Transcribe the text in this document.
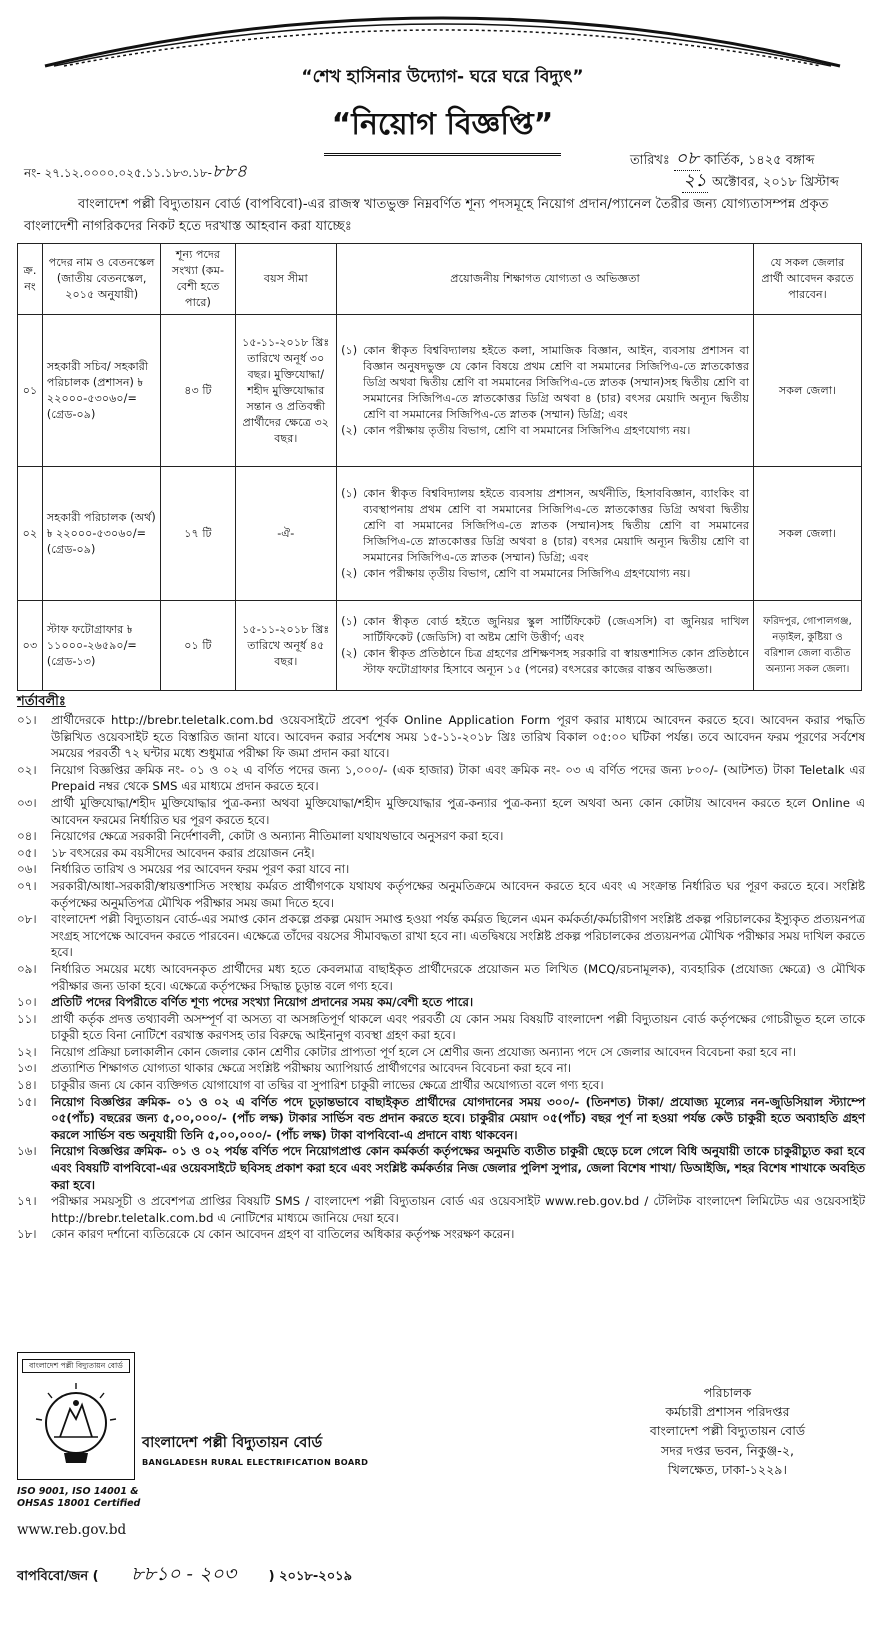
“শেখ হাসিনার উদ্যোগ- ঘরে ঘরে বিদ্যুৎ”
“নিয়োগ বিজ্ঞপ্তি”
নং- ২৭.১২.০০০০.০২৫.১১.১৮৩.১৮-৮৮৪
তারিখঃ ০৮ কার্তিক, ১৪২৫ বঙ্গাব্দ
২১ অক্টোবর, ২০১৮ খ্রিস্টাব্দ
বাংলাদেশ পল্লী বিদ্যুতায়ন বোর্ড (বাপবিবো)-এর রাজস্ব খাতভুক্ত নিম্নবর্ণিত শূন্য পদসমূহে নিয়োগ প্রদান/প্যানেল তৈরীর জন্য যোগ্যতাসম্পন্ন প্রকৃত বাংলাদেশী নাগরিকদের নিকট হতে দরখাস্ত আহবান করা যাচ্ছেঃ
ক্র. নং	পদের নাম ও বেতনস্কেল (জাতীয় বেতনস্কেল, ২০১৫ অনুযায়ী)	শূন্য পদের সংখ্যা (কম-বেশী হতে পারে)	বয়স সীমা	প্রয়োজনীয় শিক্ষাগত যোগ্যতা ও অভিজ্ঞতা	যে সকল জেলার প্রার্থী আবেদন করতে পারবেন।
০১	সহকারী সচিব/ সহকারী পরিচালক (প্রশাসন) ৳ ২২০০০-৫৩০৬০/= (গ্রেড-০৯)	৪৩ টি	১৫-১১-২০১৮ খ্রিঃ তারিখে অনূর্ধ ৩০ বছর। মুক্তিযোদ্ধা/ শহীদ মুক্তিযোদ্ধার সন্তান ও প্রতিবন্ধী প্রার্থীদের ক্ষেত্রে ৩২ বছর।	(১) কোন স্বীকৃত বিশ্ববিদ্যালয় হইতে কলা, সামাজিক বিজ্ঞান, আইন, ব্যবসায় প্রশাসন বা বিজ্ঞান অনুষদভুক্ত যে কোন বিষয়ে প্রথম শ্রেণি বা সমমানের সিজিপিএ-তে স্নাতকোত্তর ডিগ্রি অথবা দ্বিতীয় শ্রেণি বা সমমানের সিজিপিএ-তে স্নাতক (সম্মান)সহ দ্বিতীয় শ্রেণি বা সমমানের সিজিপিএ-তে স্নাতকোত্তর ডিগ্রি অথবা ৪ (চার) বৎসর মেয়াদি অন্যূন দ্বিতীয় শ্রেণি বা সমমানের সিজিপিএ-তে স্নাতক (সম্মান) ডিগ্রি; এবং
(২) কোন পরীক্ষায় তৃতীয় বিভাগ, শ্রেণি বা সমমানের সিজিপিএ গ্রহণযোগ্য নয়।	সকল জেলা।
০২	সহকারী পরিচালক (অর্থ) ৳ ২২০০০-৫৩০৬০/= (গ্রেড-০৯)	১৭ টি	-ঐ-	(১) কোন স্বীকৃত বিশ্ববিদ্যালয় হইতে ব্যবসায় প্রশাসন, অর্থনীতি, হিসাববিজ্ঞান, ব্যাংকিং বা ব্যবস্থাপনায় প্রথম শ্রেণি বা সমমানের সিজিপিএ-তে স্নাতকোত্তর ডিগ্রি অথবা দ্বিতীয় শ্রেণি বা সমমানের সিজিপিএ-তে স্নাতক (সম্মান)সহ দ্বিতীয় শ্রেণি বা সমমানের সিজিপিএ-তে স্নাতকোত্তর ডিগ্রি অথবা ৪ (চার) বৎসর মেয়াদি অন্যূন দ্বিতীয় শ্রেণি বা সমমানের সিজিপিএ-তে স্নাতক (সম্মান) ডিগ্রি; এবং
(২) কোন পরীক্ষায় তৃতীয় বিভাগ, শ্রেণি বা সমমানের সিজিপিএ গ্রহণযোগ্য নয়।	সকল জেলা।
০৩	স্টাফ ফটোগ্রাফার ৳ ১১০০০-২৬৫৯০/= (গ্রেড-১৩)	০১ টি	১৫-১১-২০১৮ খ্রিঃ তারিখে অনূর্ধ ৪৫ বছর।	(১) কোন স্বীকৃত বোর্ড হইতে জুনিয়র স্কুল সার্টিফিকেট (জেএসসি) বা জুনিয়র দাখিল সার্টিফিকেট (জেডিসি) বা অষ্টম শ্রেণি উত্তীর্ণ; এবং
(২) কোন স্বীকৃত প্রতিষ্ঠানে চিত্র গ্রহণের প্রশিক্ষণসহ সরকারি বা স্বায়ত্তশাসিত কোন প্রতিষ্ঠানে স্টাফ ফটোগ্রাফার হিসাবে অন্যূন ১৫ (পনের) বৎসরের কাজের বাস্তব অভিজ্ঞতা।	ফরিদপুর, গোপালগঞ্জ, নড়াইল, কুষ্টিয়া ও বরিশাল জেলা ব্যতীত অন্যান্য সকল জেলা।
শর্তাবলীঃ
০১।	প্রার্থীদেরকে http://brebr.teletalk.com.bd ওয়েবসাইটে প্রবেশ পূর্বক Online Application Form পূরণ করার মাধ্যমে আবেদন করতে হবে। আবেদন করার পদ্ধতি উল্লিখিত ওয়েবসাইট হতে বিস্তারিত জানা যাবে। আবেদন করার সর্বশেষ সময় ১৫-১১-২০১৮ খ্রিঃ তারিখ বিকাল ০৫:০০ ঘটিকা পর্যন্ত। তবে আবেদন ফরম পূরণের সর্বশেষ সময়ের পরবর্তী ৭২ ঘন্টার মধ্যে শুধুমাত্র পরীক্ষা ফি জমা প্রদান করা যাবে।
০২।	নিয়োগ বিজ্ঞপ্তির ক্রমিক নং- ০১ ও ০২ এ বর্ণিত পদের জন্য ১,০০০/- (এক হাজার) টাকা এবং ক্রমিক নং- ০৩ এ বর্ণিত পদের জন্য ৮০০/- (আটশত) টাকা Teletalk এর Prepaid নম্বর থেকে SMS এর মাধ্যমে প্রদান করতে হবে।
০৩।	প্রার্থী মুক্তিযোদ্ধা/শহীদ মুক্তিযোদ্ধার পুত্র-কন্যা অথবা মুক্তিযোদ্ধা/শহীদ মুক্তিযোদ্ধার পুত্র-কন্যার পুত্র-কন্যা হলে অথবা অন্য কোন কোটায় আবেদন করতে হলে Online এ আবেদন ফরমের নির্ধারিত ঘর পূরণ করতে হবে।
০৪।	নিয়োগের ক্ষেত্রে সরকারী নির্দেশাবলী, কোটা ও অন্যান্য নীতিমালা যথাযথভাবে অনুসরণ করা হবে।
০৫।	১৮ বৎসরের কম বয়সীদের আবেদন করার প্রয়োজন নেই।
০৬।	নির্ধারিত তারিখ ও সময়ের পর আবেদন ফরম পূরণ করা যাবে না।
০৭।	সরকারী/আধা-সরকারী/স্বায়ত্তশাসিত সংস্থায় কর্মরত প্রার্থীগণকে যথাযথ কর্তৃপক্ষের অনুমতিক্রমে আবেদন করতে হবে এবং এ সংক্রান্ত নির্ধারিত ঘর পূরণ করতে হবে। সংশ্লিষ্ট কর্তৃপক্ষের অনুমতিপত্র মৌখিক পরীক্ষার সময় জমা দিতে হবে।
০৮।	বাংলাদেশ পল্লী বিদ্যুতায়ন বোর্ড-এর সমাপ্ত কোন প্রকল্পে প্রকল্প মেয়াদ সমাপ্ত হওয়া পর্যন্ত কর্মরত ছিলেন এমন কর্মকর্তা/কর্মচারীগণ সংশ্লিষ্ট প্রকল্প পরিচালকের ইস্যুকৃত প্রত্যয়নপত্র সংগ্রহ সাপেক্ষে আবেদন করতে পারবেন। এক্ষেত্রে তাঁদের বয়সের সীমাবদ্ধতা রাখা হবে না। এতদ্বিষয়ে সংশ্লিষ্ট প্রকল্প পরিচালকের প্রত্যয়নপত্র মৌখিক পরীক্ষার সময় দাখিল করতে হবে।
০৯।	নির্ধারিত সময়ের মধ্যে আবেদনকৃত প্রার্থীদের মধ্য হতে কেবলমাত্র বাছাইকৃত প্রার্থীদেরকে প্রয়োজন মত লিখিত (MCQ/রচনামূলক), ব্যবহারিক (প্রযোজ্য ক্ষেত্রে) ও মৌখিক পরীক্ষার জন্য ডাকা হবে। এক্ষেত্রে কর্তৃপক্ষের সিদ্ধান্ত চূড়ান্ত বলে গণ্য হবে।
১০।	প্রতিটি পদের বিপরীতে বর্ণিত শূণ্য পদের সংখ্যা নিয়োগ প্রদানের সময় কম/বেশী হতে পারে।
১১।	প্রার্থী কর্তৃক প্রদত্ত তথ্যাবলী অসম্পূর্ণ বা অসত্য বা অসঙ্গতিপূর্ণ থাকলে এবং পরবর্তী যে কোন সময় বিষয়টি বাংলাদেশ পল্লী বিদ্যুতায়ন বোর্ড কর্তৃপক্ষের গোচরীভূত হলে তাকে চাকুরী হতে বিনা নোটিশে বরখাস্ত করণসহ তার বিরুদ্ধে আইনানুগ ব্যবস্থা গ্রহণ করা হবে।
১২।	নিয়োগ প্রক্রিয়া চলাকালীন কোন জেলার কোন শ্রেণীর কোটার প্রাপ্যতা পূর্ণ হলে সে শ্রেণীর জন্য প্রযোজ্য অন্যান্য পদে সে জেলার আবেদন বিবেচনা করা হবে না।
১৩।	প্রত্যাশিত শিক্ষাগত যোগ্যতা থাকার ক্ষেত্রে সংশ্লিষ্ট পরীক্ষায় অ্যাপিয়ার্ড প্রার্থীগণের আবেদন বিবেচনা করা হবে না।
১৪।	চাকুরীর জন্য যে কোন ব্যক্তিগত যোগাযোগ বা তদ্বির বা সুপারিশ চাকুরী লাভের ক্ষেত্রে প্রার্থীর অযোগ্যতা বলে গণ্য হবে।
১৫।	নিয়োগ বিজ্ঞপ্তির ক্রমিক- ০১ ও ০২ এ বর্ণিত পদে চূড়ান্তভাবে বাছাইকৃত প্রার্থীদের যোগদানের সময় ৩০০/- (তিনশত) টাকা/ প্রযোজ্য মূল্যের নন-জুডিসিয়াল স্ট্যাম্পে ০৫(পাঁচ) বছরের জন্য ৫,০০,০০০/- (পাঁচ লক্ষ) টাকার সার্ভিস বন্ড প্রদান করতে হবে। চাকুরীর মেয়াদ ০৫(পাঁচ) বছর পূর্ণ না হওয়া পর্যন্ত কেউ চাকুরী হতে অব্যাহতি গ্রহণ করলে সার্ভিস বন্ড অনুযায়ী তিনি ৫,০০,০০০/- (পাঁচ লক্ষ) টাকা বাপবিবো-এ প্রদানে বাধ্য থাকবেন।
১৬।	নিয়োগ বিজ্ঞপ্তির ক্রমিক- ০১ ও ০২ পর্যন্ত বর্ণিত পদে নিয়োগপ্রাপ্ত কোন কর্মকর্তা কর্তৃপক্ষের অনুমতি ব্যতীত চাকুরী ছেড়ে চলে গেলে বিধি অনুযায়ী তাকে চাকুরীচ্যুত করা হবে এবং বিষয়টি বাপবিবো-এর ওয়েবসাইটে ছবিসহ প্রকাশ করা হবে এবং সংশ্লিষ্ট কর্মকর্তার নিজ জেলার পুলিশ সুপার, জেলা বিশেষ শাখা/ ডিআইজি, শহর বিশেষ শাখাকে অবহিত করা হবে।
১৭।	পরীক্ষার সময়সূচী ও প্রবেশপত্র প্রাপ্তির বিষয়টি SMS / বাংলাদেশ পল্লী বিদ্যুতায়ন বোর্ড এর ওয়েবসাইট www.reb.gov.bd / টেলিটক বাংলাদেশ লিমিটেড এর ওয়েবসাইট http://brebr.teletalk.com.bd এ নোটিশের মাধ্যমে জানিয়ে দেয়া হবে।
১৮।	কোন কারণ দর্শানো ব্যতিরেকে যে কোন আবেদন গ্রহণ বা বাতিলের অধিকার কর্তৃপক্ষ সংরক্ষণ করেন।
বাংলাদেশ পল্লী বিদ্যুতায়ন বোর্ড
বাংলাদেশ পল্লী বিদ্যুতায়ন বোর্ড
BANGLADESH RURAL ELECTRIFICATION BOARD
ISO 9001, ISO 14001 & OHSAS 18001 Certified
www.reb.gov.bd
পরিচালক
কর্মচারী প্রশাসন পরিদপ্তর
বাংলাদেশ পল্লী বিদ্যুতায়ন বোর্ড
সদর দপ্তর ভবন, নিকুঞ্জ-২,
খিলক্ষেত, ঢাকা-১২২৯।
বাপবিবো/জন ( ৮৮১০ - ২০৩	) ২০১৮-২০১৯
